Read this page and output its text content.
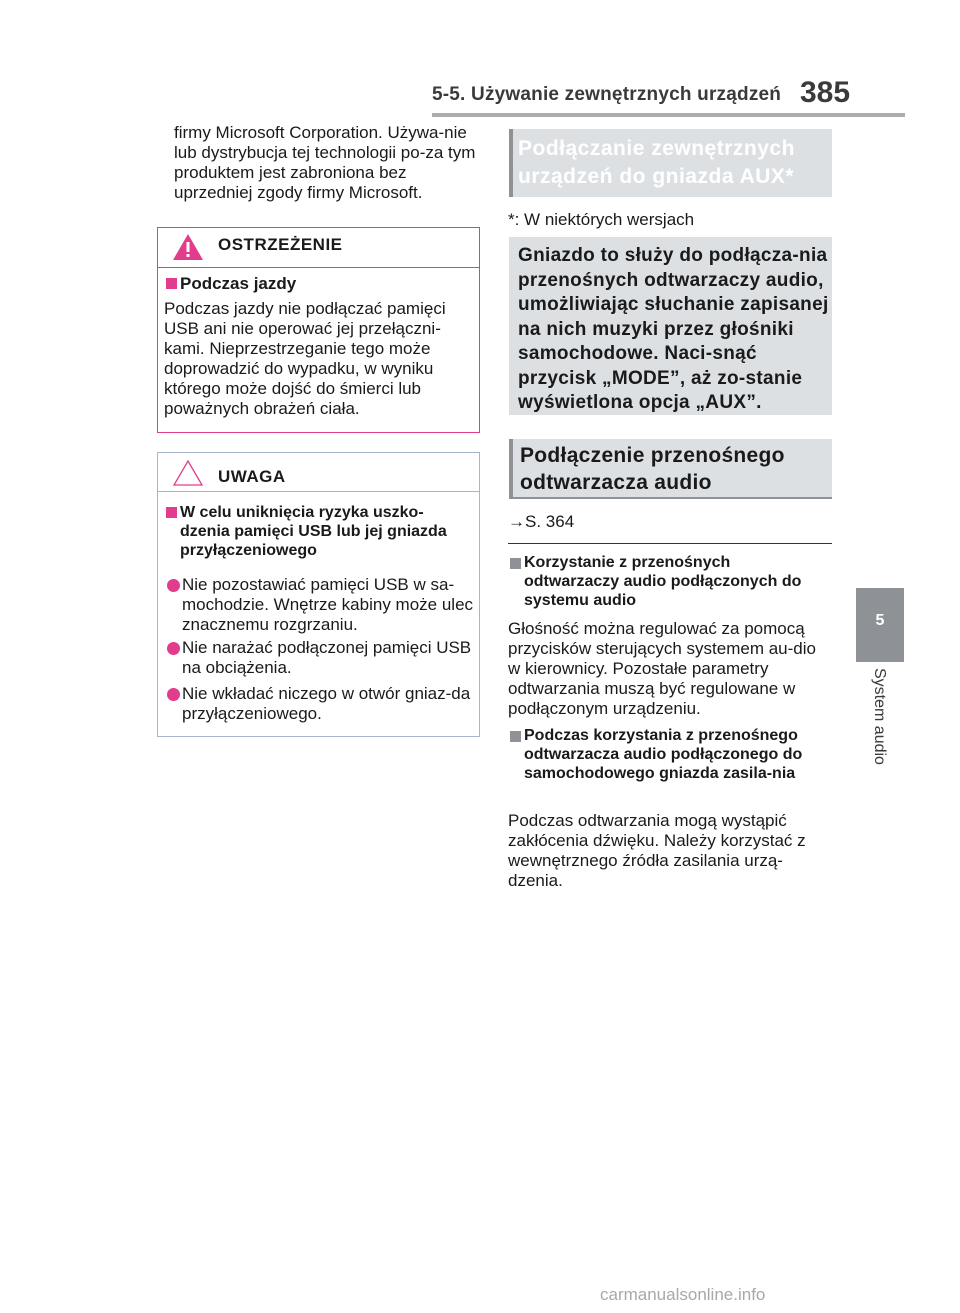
5-5. Używanie zewnętrznych urządzeń 385
5
System audio
firmy Microsoft Corporation. Używa-nie lub dystrybucja tej technologii po-za tym produktem jest zabroniona bez uprzedniej zgody firmy Microsoft.
OSTRZEŻENIE
Podczas jazdy
Podczas jazdy nie podłączać pamięci USB ani nie operować jej przełączni-kami. Nieprzestrzeganie tego może doprowadzić do wypadku, w wyniku którego może dojść do śmierci lub poważnych obrażeń ciała.
UWAGA
W celu uniknięcia ryzyka uszko-dzenia pamięci USB lub jej gniazda przyłączeniowego
Nie pozostawiać pamięci USB w sa-mochodzie. Wnętrze kabiny może ulec znacznemu rozgrzaniu.
Nie narażać podłączonej pamięci USB na obciążenia.
Nie wkładać niczego w otwór gniaz-da przyłączeniowego.
Podłączanie zewnętrznych urządzeń do gniazda AUX*
*: W niektórych wersjach
Gniazdo to służy do podłącza-nia przenośnych odtwarzaczy audio, umożliwiając słuchanie zapisanej na nich muzyki przez głośniki samochodowe. Naci-snąć przycisk „MODE”, aż zo-stanie wyświetlona opcja „AUX”.
Podłączenie przenośnego odtwarzacza audio
→S. 364
Korzystanie z przenośnych odtwarzaczy audio podłączonych do systemu audio
Głośność można regulować za pomocą przycisków sterujących systemem au-dio w kierownicy. Pozostałe parametry odtwarzania muszą być regulowane w podłączonym urządzeniu.
Podczas korzystania z przenośnego odtwarzacza audio podłączonego do samochodowego gniazda zasila-nia
Podczas odtwarzania mogą wystąpić zakłócenia dźwięku. Należy korzystać z wewnętrznego źródła zasilania urzą-dzenia.
carmanualsonline.info
